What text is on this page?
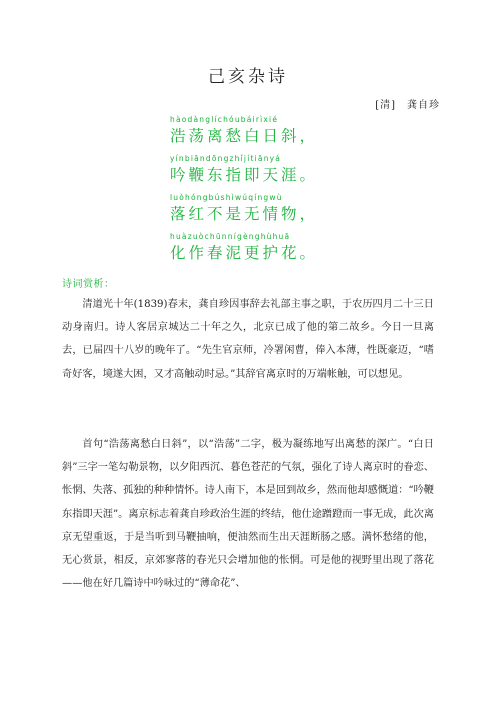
己亥杂诗
[清]　龚自珍
hàodànglíchóubáirìxié
浩荡离愁白日斜，
yínbiāndōngzhǐjítiānyá
吟鞭东指即天涯。
luòhóngbúshìwúqíngwù
落红不是无情物，
huàzuòchūnnígènghùhuā
化作春泥更护花。
诗词赏析：

清道光十年(1839)春末，龚自珍因事辞去礼部主事之职，于农历四月二十三日动身南归。诗人客居京城达二十年之久，北京已成了他的第二故乡。今日一旦离去，已届四十八岁的晚年了。“先生官京师，冷署闲曹，俸入本薄，性既豪迈，“嗜奇好客，境遂大困，又才高触动时忌。”其辞官离京时的万端帐触，可以想见。

首句“浩荡离愁白日斜”，以“浩荡”二字，极为凝练地写出离愁的深广。“白日斜”三字一笔勾勒景物，以夕阳西沉、暮色苍茫的气氛，强化了诗人离京时的眷恋、怅惘、失落、孤独的种种情怀。诗人南下，本是回到故乡，然而他却感慨道：“吟鞭东指即天涯”。离京标志着龚自珍政治生涯的终结，他仕途蹭蹬而一事无成，此次离京无望重返，于是当听到马鞭抽响，便油然而生出天涯断肠之感。满怀愁绪的他，无心赏景，相反，京郊寥落的春光只会增加他的怅惘。可是他的视野里出现了落花——他在好几篇诗中吟咏过的“薄命花”、
